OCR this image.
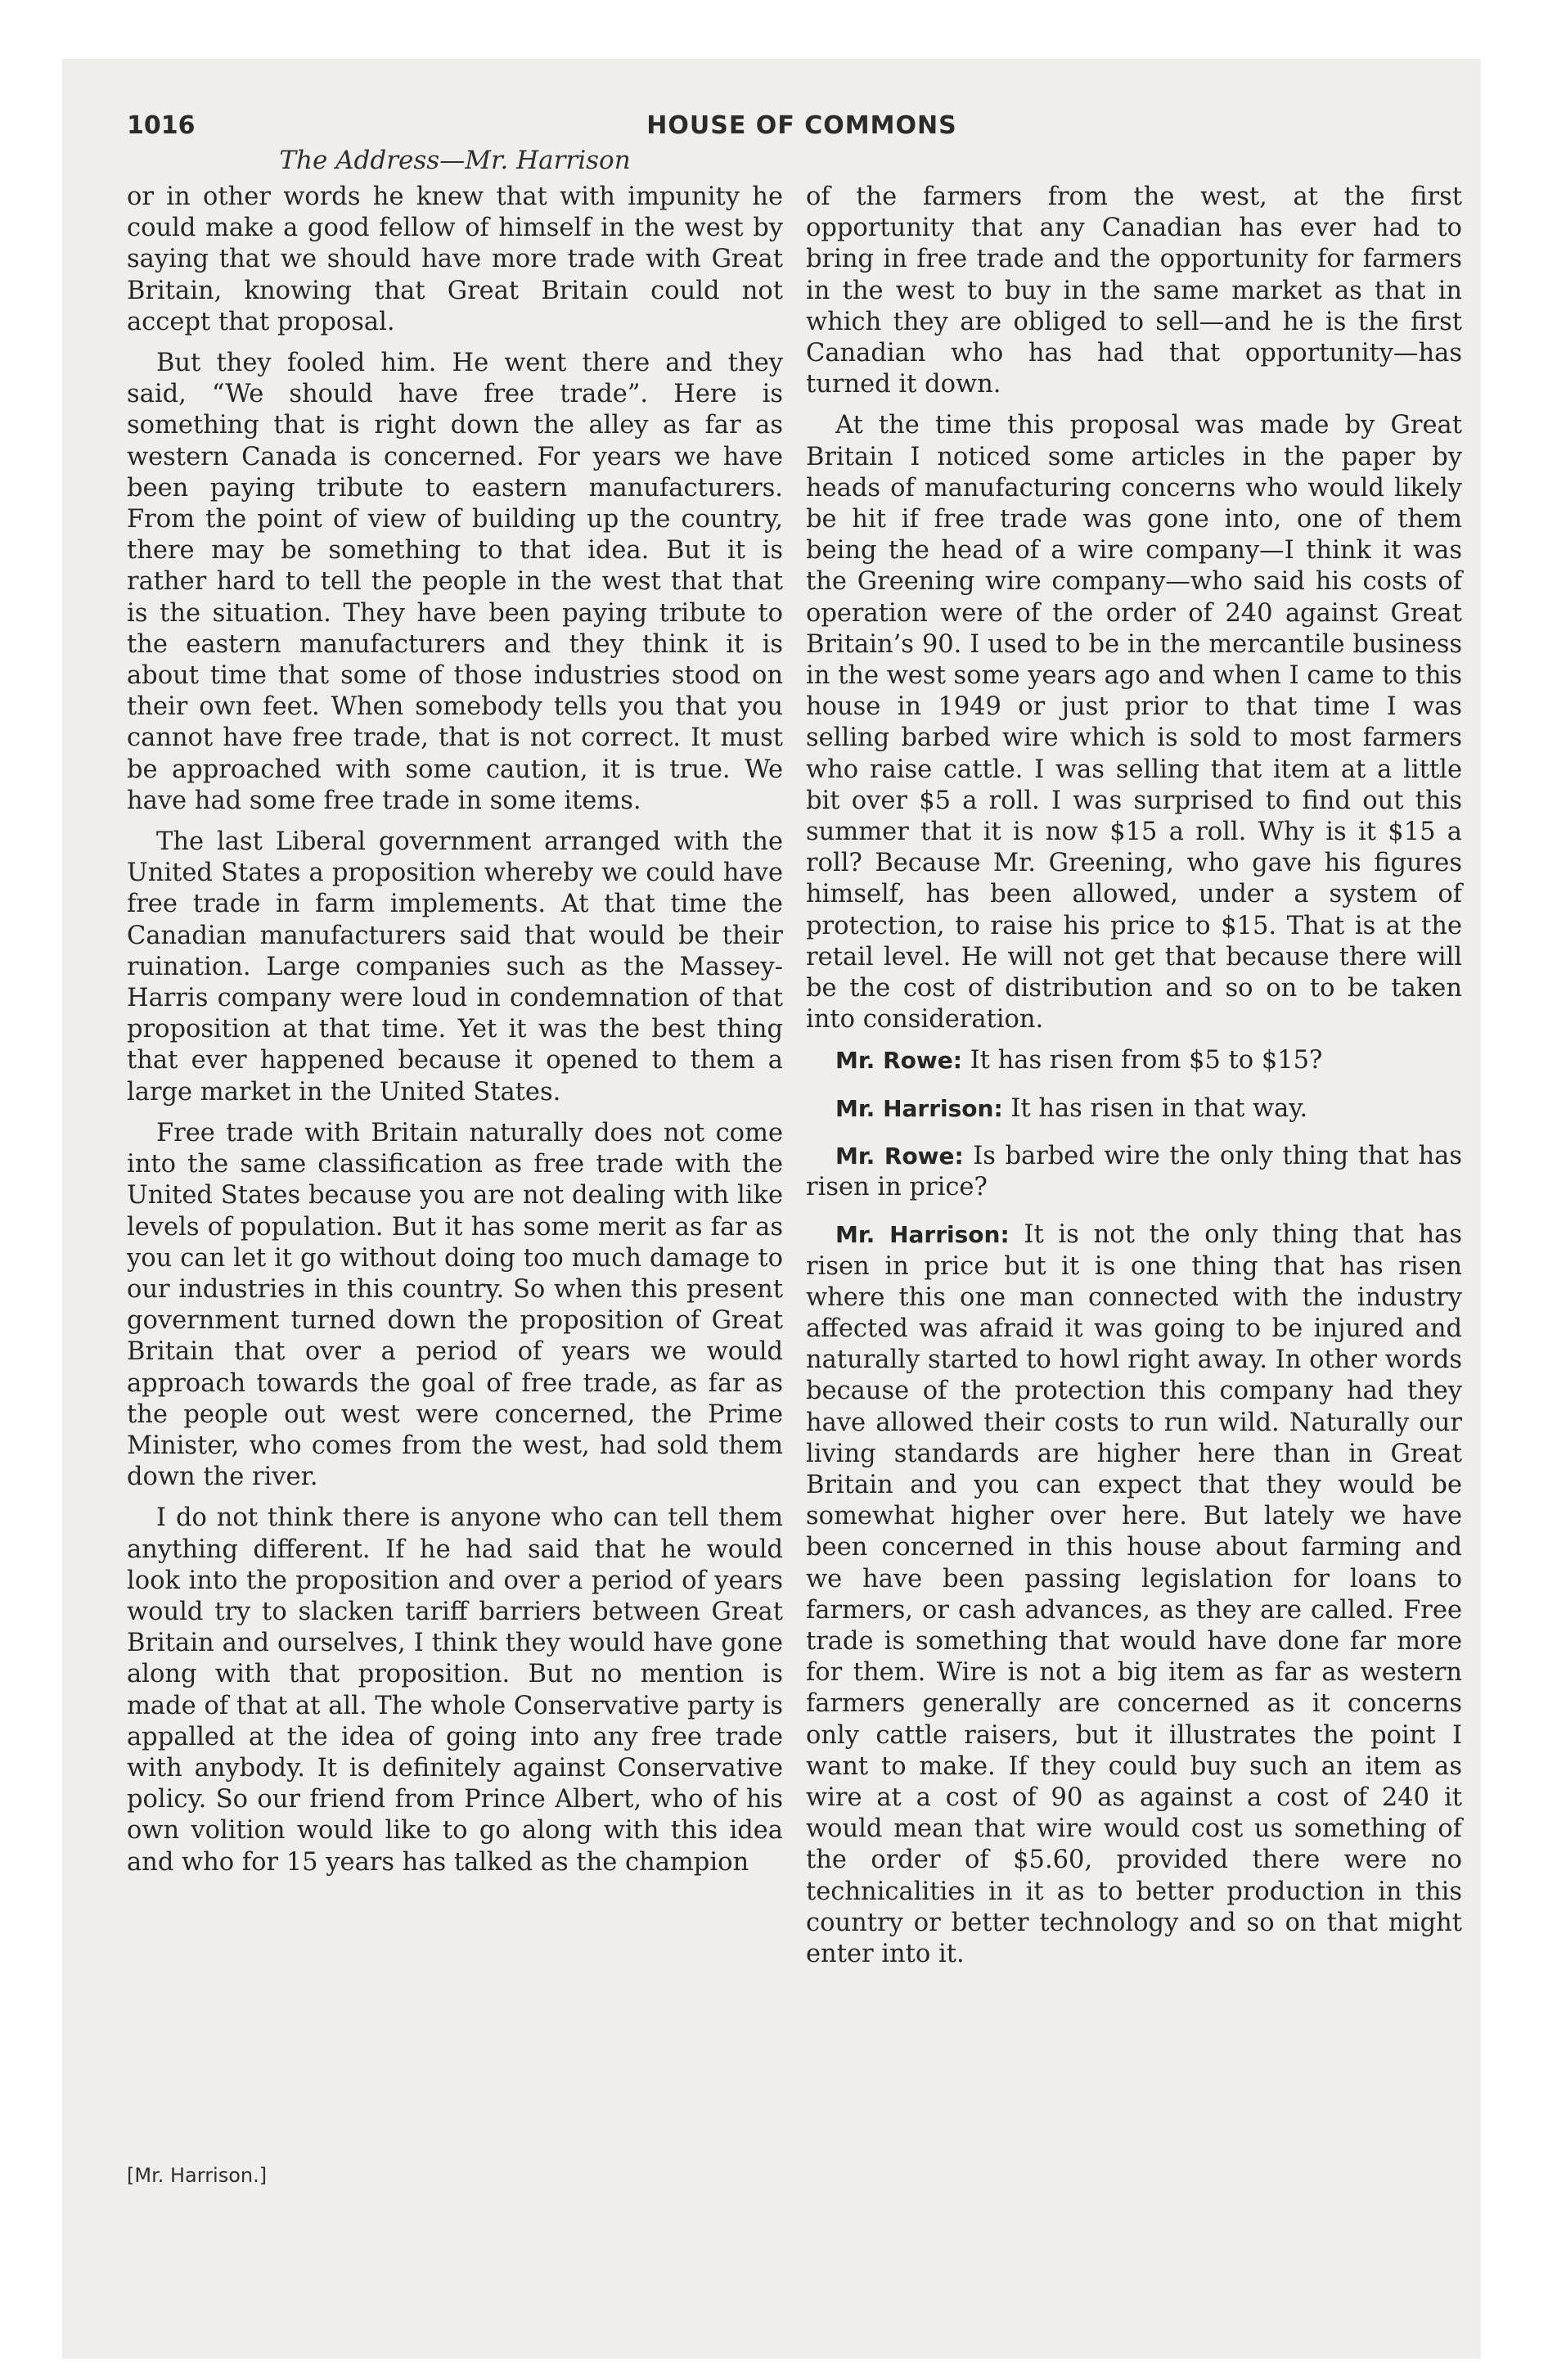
1016	HOUSE OF COMMONS
The Address—Mr. Harrison

or in other words he knew that with impunity he could make a good fellow of himself in the west by saying that we should have more trade with Great Britain, knowing that Great Britain could not accept that proposal.

But they fooled him. He went there and they said, “We should have free trade”. Here is something that is right down the alley as far as western Canada is concerned. For years we have been paying tribute to eastern manufacturers. From the point of view of building up the country, there may be something to that idea. But it is rather hard to tell the people in the west that that is the situation. They have been paying tribute to the eastern manufacturers and they think it is about time that some of those industries stood on their own feet. When somebody tells you that you cannot have free trade, that is not correct. It must be approached with some caution, it is true. We have had some free trade in some items.

The last Liberal government arranged with the United States a proposition whereby we could have free trade in farm implements. At that time the Canadian manufacturers said that would be their ruination. Large companies such as the Massey-Harris company were loud in condemnation of that proposition at that time. Yet it was the best thing that ever happened because it opened to them a large market in the United States.

Free trade with Britain naturally does not come into the same classification as free trade with the United States because you are not dealing with like levels of population. But it has some merit as far as you can let it go without doing too much damage to our industries in this country. So when this present government turned down the proposition of Great Britain that over a period of years we would approach towards the goal of free trade, as far as the people out west were concerned, the Prime Minister, who comes from the west, had sold them down the river.

I do not think there is anyone who can tell them anything different. If he had said that he would look into the proposition and over a period of years would try to slacken tariff barriers between Great Britain and ourselves, I think they would have gone along with that proposition. But no mention is made of that at all. The whole Conservative party is appalled at the idea of going into any free trade with anybody. It is definitely against Conservative policy. So our friend from Prince Albert, who of his own volition would like to go along with this idea and who for 15 years has talked as the champion

of the farmers from the west, at the first opportunity that any Canadian has ever had to bring in free trade and the opportunity for farmers in the west to buy in the same market as that in which they are obliged to sell—and he is the first Canadian who has had that opportunity—has turned it down.

At the time this proposal was made by Great Britain I noticed some articles in the paper by heads of manufacturing concerns who would likely be hit if free trade was gone into, one of them being the head of a wire company—I think it was the Greening wire company—who said his costs of operation were of the order of 240 against Great Britain’s 90. I used to be in the mercantile business in the west some years ago and when I came to this house in 1949 or just prior to that time I was selling barbed wire which is sold to most farmers who raise cattle. I was selling that item at a little bit over $5 a roll. I was surprised to find out this summer that it is now $15 a roll. Why is it $15 a roll? Because Mr. Greening, who gave his figures himself, has been allowed, under a system of protection, to raise his price to $15. That is at the retail level. He will not get that because there will be the cost of distribution and so on to be taken into consideration.

Mr. Rowe: It has risen from $5 to $15?

Mr. Harrison: It has risen in that way.

Mr. Rowe: Is barbed wire the only thing that has risen in price?

Mr. Harrison: It is not the only thing that has risen in price but it is one thing that has risen where this one man connected with the industry affected was afraid it was going to be injured and naturally started to howl right away. In other words because of the protection this company had they have allowed their costs to run wild. Naturally our living standards are higher here than in Great Britain and you can expect that they would be somewhat higher over here. But lately we have been concerned in this house about farming and we have been passing legislation for loans to farmers, or cash advances, as they are called. Free trade is something that would have done far more for them. Wire is not a big item as far as western farmers generally are concerned as it concerns only cattle raisers, but it illustrates the point I want to make. If they could buy such an item as wire at a cost of 90 as against a cost of 240 it would mean that wire would cost us something of the order of $5.60, provided there were no technicalities in it as to better production in this country or better technology and so on that might enter into it.

[Mr. Harrison.]
